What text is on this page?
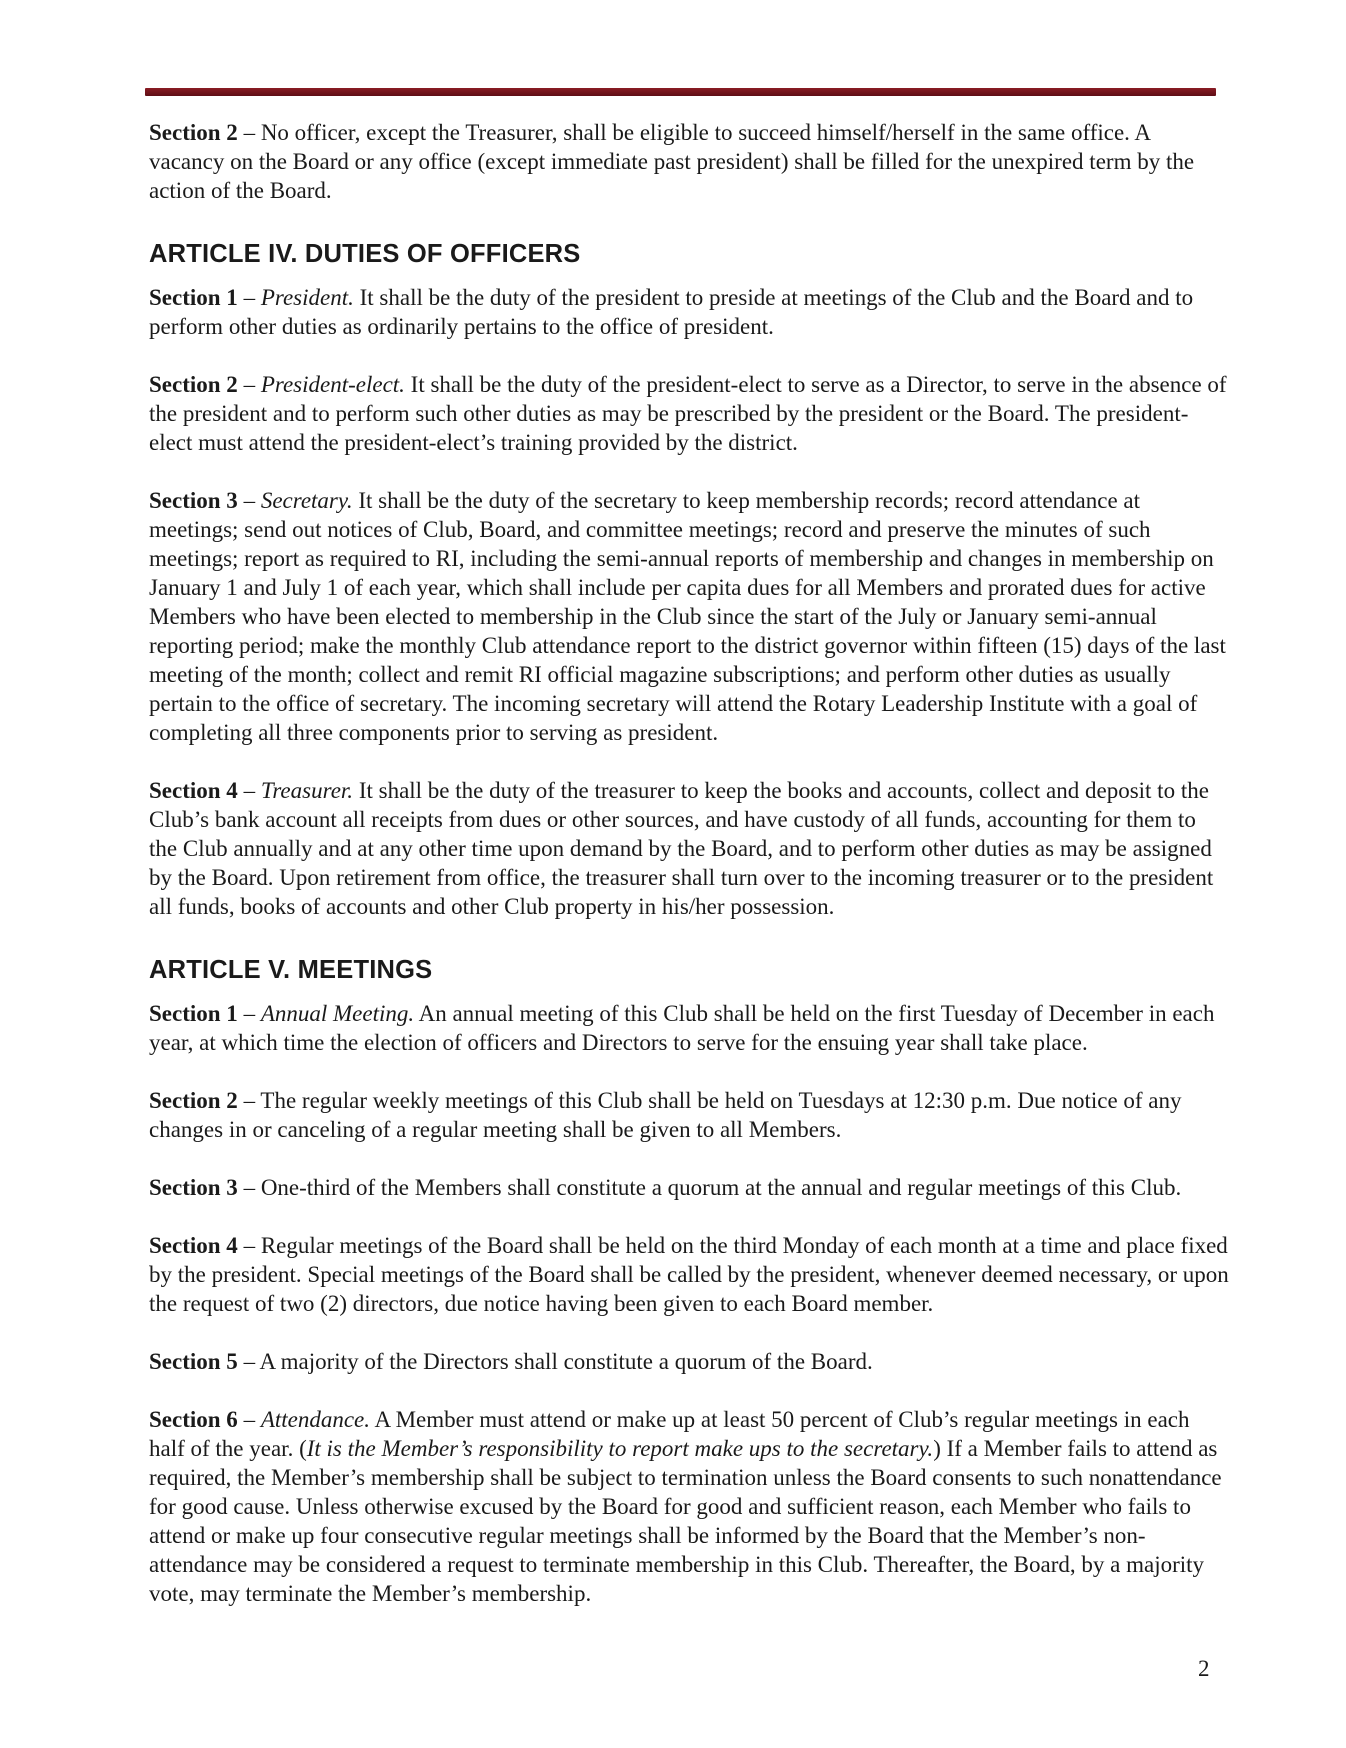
Section 2 – No officer, except the Treasurer, shall be eligible to succeed himself/herself in the same office. A vacancy on the Board or any office (except immediate past president) shall be filled for the unexpired term by the action of the Board.

ARTICLE IV. DUTIES OF OFFICERS

Section 1 – President. It shall be the duty of the president to preside at meetings of the Club and the Board and to perform other duties as ordinarily pertains to the office of president.

Section 2 – President-elect. It shall be the duty of the president-elect to serve as a Director, to serve in the absence of the president and to perform such other duties as may be prescribed by the president or the Board. The president-elect must attend the president-elect’s training provided by the district.

Section 3 – Secretary. It shall be the duty of the secretary to keep membership records; record attendance at meetings; send out notices of Club, Board, and committee meetings; record and preserve the minutes of such meetings; report as required to RI, including the semi-annual reports of membership and changes in membership on January 1 and July 1 of each year, which shall include per capita dues for all Members and prorated dues for active Members who have been elected to membership in the Club since the start of the July or January semi-annual reporting period; make the monthly Club attendance report to the district governor within fifteen (15) days of the last meeting of the month; collect and remit RI official magazine subscriptions; and perform other duties as usually pertain to the office of secretary. The incoming secretary will attend the Rotary Leadership Institute with a goal of completing all three components prior to serving as president.

Section 4 – Treasurer. It shall be the duty of the treasurer to keep the books and accounts, collect and deposit to the Club’s bank account all receipts from dues or other sources, and have custody of all funds, accounting for them to the Club annually and at any other time upon demand by the Board, and to perform other duties as may be assigned by the Board. Upon retirement from office, the treasurer shall turn over to the incoming treasurer or to the president all funds, books of accounts and other Club property in his/her possession.

ARTICLE V. MEETINGS

Section 1 – Annual Meeting. An annual meeting of this Club shall be held on the first Tuesday of December in each year, at which time the election of officers and Directors to serve for the ensuing year shall take place.

Section 2 – The regular weekly meetings of this Club shall be held on Tuesdays at 12:30 p.m. Due notice of any changes in or canceling of a regular meeting shall be given to all Members.

Section 3 – One-third of the Members shall constitute a quorum at the annual and regular meetings of this Club.

Section 4 – Regular meetings of the Board shall be held on the third Monday of each month at a time and place fixed by the president. Special meetings of the Board shall be called by the president, whenever deemed necessary, or upon the request of two (2) directors, due notice having been given to each Board member.

Section 5 – A majority of the Directors shall constitute a quorum of the Board.

Section 6 – Attendance. A Member must attend or make up at least 50 percent of Club’s regular meetings in each half of the year. (It is the Member’s responsibility to report make ups to the secretary.) If a Member fails to attend as required, the Member’s membership shall be subject to termination unless the Board consents to such nonattendance for good cause. Unless otherwise excused by the Board for good and sufficient reason, each Member who fails to attend or make up four consecutive regular meetings shall be informed by the Board that the Member’s non-attendance may be considered a request to terminate membership in this Club. Thereafter, the Board, by a majority vote, may terminate the Member’s membership.

2
